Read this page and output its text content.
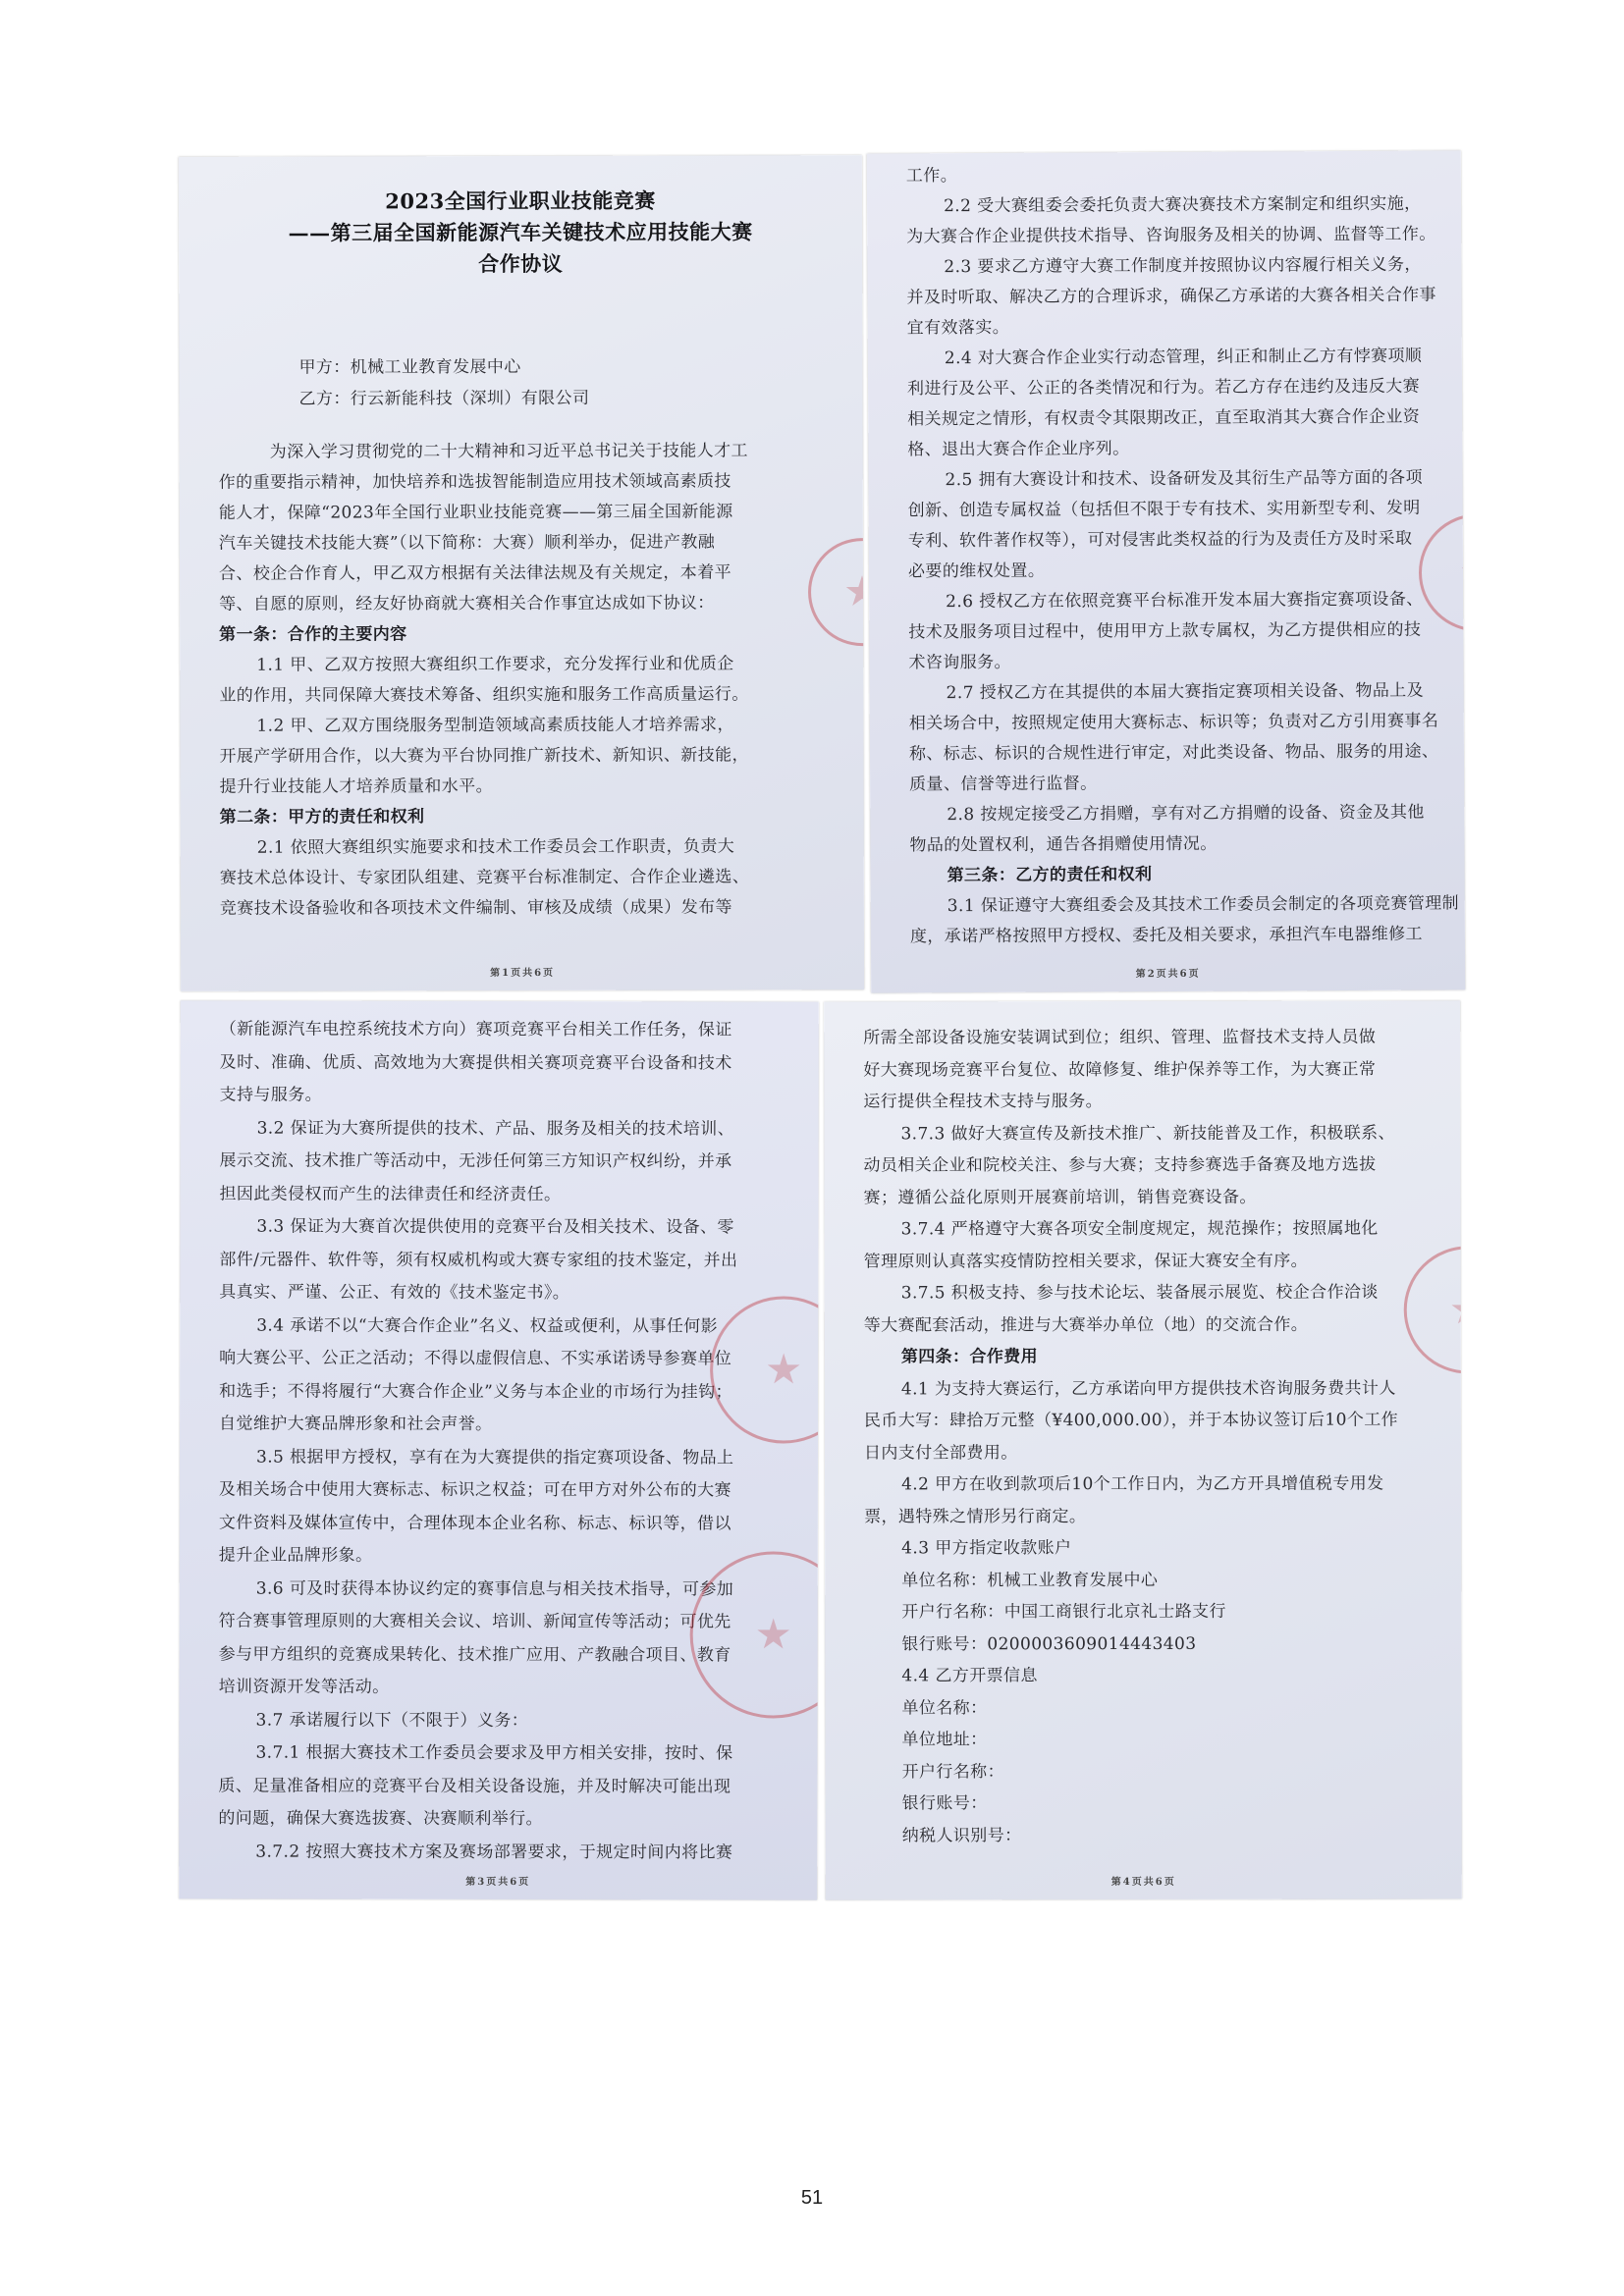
2023全国行业职业技能竞赛
——第三届全国新能源汽车关键技术应用技能大赛
合作协议
甲方：机械工业教育发展中心
乙方：行云新能科技（深圳）有限公司
为深入学习贯彻党的二十大精神和习近平总书记关于技能人才工
作的重要指示精神，加快培养和选拔智能制造应用技术领域高素质技
能人才，保障“2023年全国行业职业技能竞赛——第三届全国新能源
汽车关键技术技能大赛”（以下简称：大赛）顺利举办，促进产教融
合、校企合作育人，甲乙双方根据有关法律法规及有关规定，本着平
等、自愿的原则，经友好协商就大赛相关合作事宜达成如下协议：
第一条：合作的主要内容
1.1 甲、乙双方按照大赛组织工作要求，充分发挥行业和优质企
业的作用，共同保障大赛技术筹备、组织实施和服务工作高质量运行。
1.2 甲、乙双方围绕服务型制造领域高素质技能人才培养需求，
开展产学研用合作，以大赛为平台协同推广新技术、新知识、新技能，
提升行业技能人才培养质量和水平。
第二条：甲方的责任和权利
2.1 依照大赛组织实施要求和技术工作委员会工作职责，负责大
赛技术总体设计、专家团队组建、竞赛平台标准制定、合作企业遴选、
竞赛技术设备验收和各项技术文件编制、审核及成绩（成果）发布等
第1页共6页
工作。
2.2 受大赛组委会委托负责大赛决赛技术方案制定和组织实施，
为大赛合作企业提供技术指导、咨询服务及相关的协调、监督等工作。
2.3 要求乙方遵守大赛工作制度并按照协议内容履行相关义务，
并及时听取、解决乙方的合理诉求，确保乙方承诺的大赛各相关合作事
宜有效落实。
2.4 对大赛合作企业实行动态管理，纠正和制止乙方有悖赛项顺
利进行及公平、公正的各类情况和行为。若乙方存在违约及违反大赛
相关规定之情形，有权责令其限期改正，直至取消其大赛合作企业资
格、退出大赛合作企业序列。
2.5 拥有大赛设计和技术、设备研发及其衍生产品等方面的各项
创新、创造专属权益（包括但不限于专有技术、实用新型专利、发明
专利、软件著作权等），可对侵害此类权益的行为及责任方及时采取
必要的维权处置。
2.6 授权乙方在依照竞赛平台标准开发本届大赛指定赛项设备、
技术及服务项目过程中，使用甲方上款专属权，为乙方提供相应的技
术咨询服务。
2.7 授权乙方在其提供的本届大赛指定赛项相关设备、物品上及
相关场合中，按照规定使用大赛标志、标识等；负责对乙方引用赛事名
称、标志、标识的合规性进行审定，对此类设备、物品、服务的用途、
质量、信誉等进行监督。
2.8 按规定接受乙方捐赠，享有对乙方捐赠的设备、资金及其他
物品的处置权利，通告各捐赠使用情况。
第三条：乙方的责任和权利
3.1 保证遵守大赛组委会及其技术工作委员会制定的各项竞赛管理制
度，承诺严格按照甲方授权、委托及相关要求，承担汽车电器维修工
第2页共6页
（新能源汽车电控系统技术方向）赛项竞赛平台相关工作任务，保证
及时、准确、优质、高效地为大赛提供相关赛项竞赛平台设备和技术
支持与服务。
3.2 保证为大赛所提供的技术、产品、服务及相关的技术培训、
展示交流、技术推广等活动中，无涉任何第三方知识产权纠纷，并承
担因此类侵权而产生的法律责任和经济责任。
3.3 保证为大赛首次提供使用的竞赛平台及相关技术、设备、零
部件/元器件、软件等，须有权威机构或大赛专家组的技术鉴定，并出
具真实、严谨、公正、有效的《技术鉴定书》。
3.4 承诺不以“大赛合作企业”名义、权益或便利，从事任何影
响大赛公平、公正之活动；不得以虚假信息、不实承诺诱导参赛单位
和选手；不得将履行“大赛合作企业”义务与本企业的市场行为挂钩；
自觉维护大赛品牌形象和社会声誉。
3.5 根据甲方授权，享有在为大赛提供的指定赛项设备、物品上
及相关场合中使用大赛标志、标识之权益；可在甲方对外公布的大赛
文件资料及媒体宣传中，合理体现本企业名称、标志、标识等，借以
提升企业品牌形象。
3.6 可及时获得本协议约定的赛事信息与相关技术指导，可参加
符合赛事管理原则的大赛相关会议、培训、新闻宣传等活动；可优先
参与甲方组织的竞赛成果转化、技术推广应用、产教融合项目、教育
培训资源开发等活动。
3.7 承诺履行以下（不限于）义务：
3.7.1 根据大赛技术工作委员会要求及甲方相关安排，按时、保
质、足量准备相应的竞赛平台及相关设备设施，并及时解决可能出现
的问题，确保大赛选拔赛、决赛顺利举行。
3.7.2 按照大赛技术方案及赛场部署要求，于规定时间内将比赛
第3页共6页
所需全部设备设施安装调试到位；组织、管理、监督技术支持人员做
好大赛现场竞赛平台复位、故障修复、维护保养等工作，为大赛正常
运行提供全程技术支持与服务。
3.7.3 做好大赛宣传及新技术推广、新技能普及工作，积极联系、
动员相关企业和院校关注、参与大赛；支持参赛选手备赛及地方选拔
赛；遵循公益化原则开展赛前培训，销售竞赛设备。
3.7.4 严格遵守大赛各项安全制度规定，规范操作；按照属地化
管理原则认真落实疫情防控相关要求，保证大赛安全有序。
3.7.5 积极支持、参与技术论坛、装备展示展览、校企合作洽谈
等大赛配套活动，推进与大赛举办单位（地）的交流合作。
第四条：合作费用
4.1 为支持大赛运行，乙方承诺向甲方提供技术咨询服务费共计人
民币大写：肆拾万元整（¥400,000.00），并于本协议签订后10个工作
日内支付全部费用。
4.2 甲方在收到款项后10个工作日内，为乙方开具增值税专用发
票，遇特殊之情形另行商定。
4.3 甲方指定收款账户
单位名称：机械工业教育发展中心
开户行名称：中国工商银行北京礼士路支行
银行账号：0200003609014443403
4.4 乙方开票信息
单位名称：
单位地址：
开户行名称：
银行账号：
纳税人识别号：
第4页共6页
51
